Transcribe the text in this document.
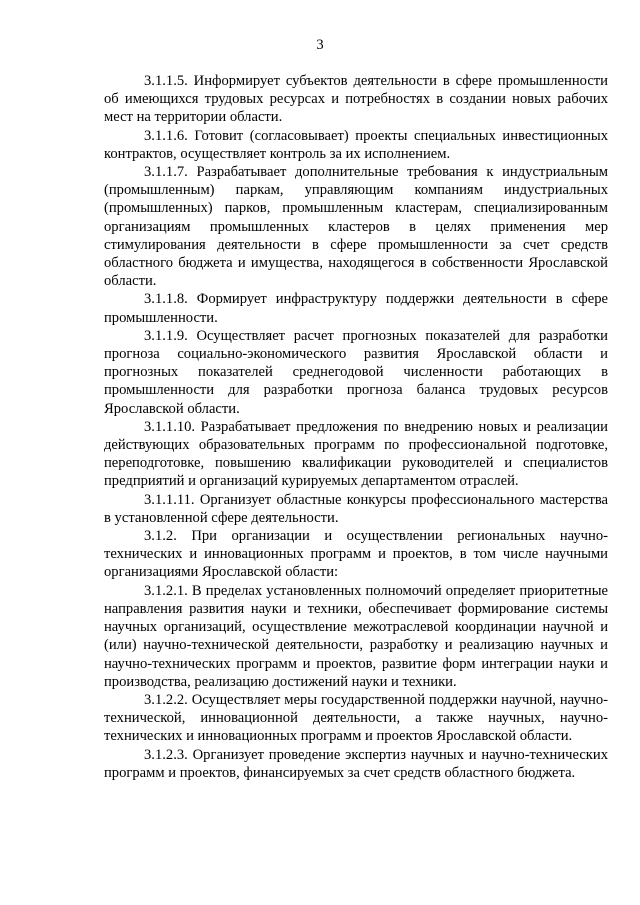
3

3.1.1.5. Информирует субъектов деятельности в сфере промышленности об имеющихся трудовых ресурсах и потребностях в создании новых рабочих мест на территории области.

3.1.1.6. Готовит (согласовывает) проекты специальных инвестиционных контрактов, осуществляет контроль за их исполнением.

3.1.1.7. Разрабатывает дополнительные требования к индустриальным (промышленным) паркам, управляющим компаниям индустриальных (промышленных) парков, промышленным кластерам, специализированным организациям промышленных кластеров в целях применения мер стимулирования деятельности в сфере промышленности за счет средств областного бюджета и имущества, находящегося в собственности Ярославской области.

3.1.1.8. Формирует инфраструктуру поддержки деятельности в сфере промышленности.

3.1.1.9. Осуществляет расчет прогнозных показателей для разработки прогноза социально-экономического развития Ярославской области и прогнозных показателей среднегодовой численности работающих в промышленности для разработки прогноза баланса трудовых ресурсов Ярославской области.

3.1.1.10. Разрабатывает предложения по внедрению новых и реализации действующих образовательных программ по профессиональной подготовке, переподготовке, повышению квалификации руководителей и специалистов предприятий и организаций курируемых департаментом отраслей.

3.1.1.11. Организует областные конкурсы профессионального мастерства в установленной сфере деятельности.

3.1.2. При организации и осуществлении региональных научно-технических и инновационных программ и проектов, в том числе научными организациями Ярославской области:

3.1.2.1. В пределах установленных полномочий определяет приоритетные направления развития науки и техники, обеспечивает формирование системы научных организаций, осуществление межотраслевой координации научной и (или) научно-технической деятельности, разработку и реализацию научных и научно-технических программ и проектов, развитие форм интеграции науки и производства, реализацию достижений науки и техники.

3.1.2.2. Осуществляет меры государственной поддержки научной, научно-технической, инновационной деятельности, а также научных, научно-технических и инновационных программ и проектов Ярославской области.

3.1.2.3. Организует проведение экспертиз научных и научно-технических программ и проектов, финансируемых за счет средств областного бюджета.
